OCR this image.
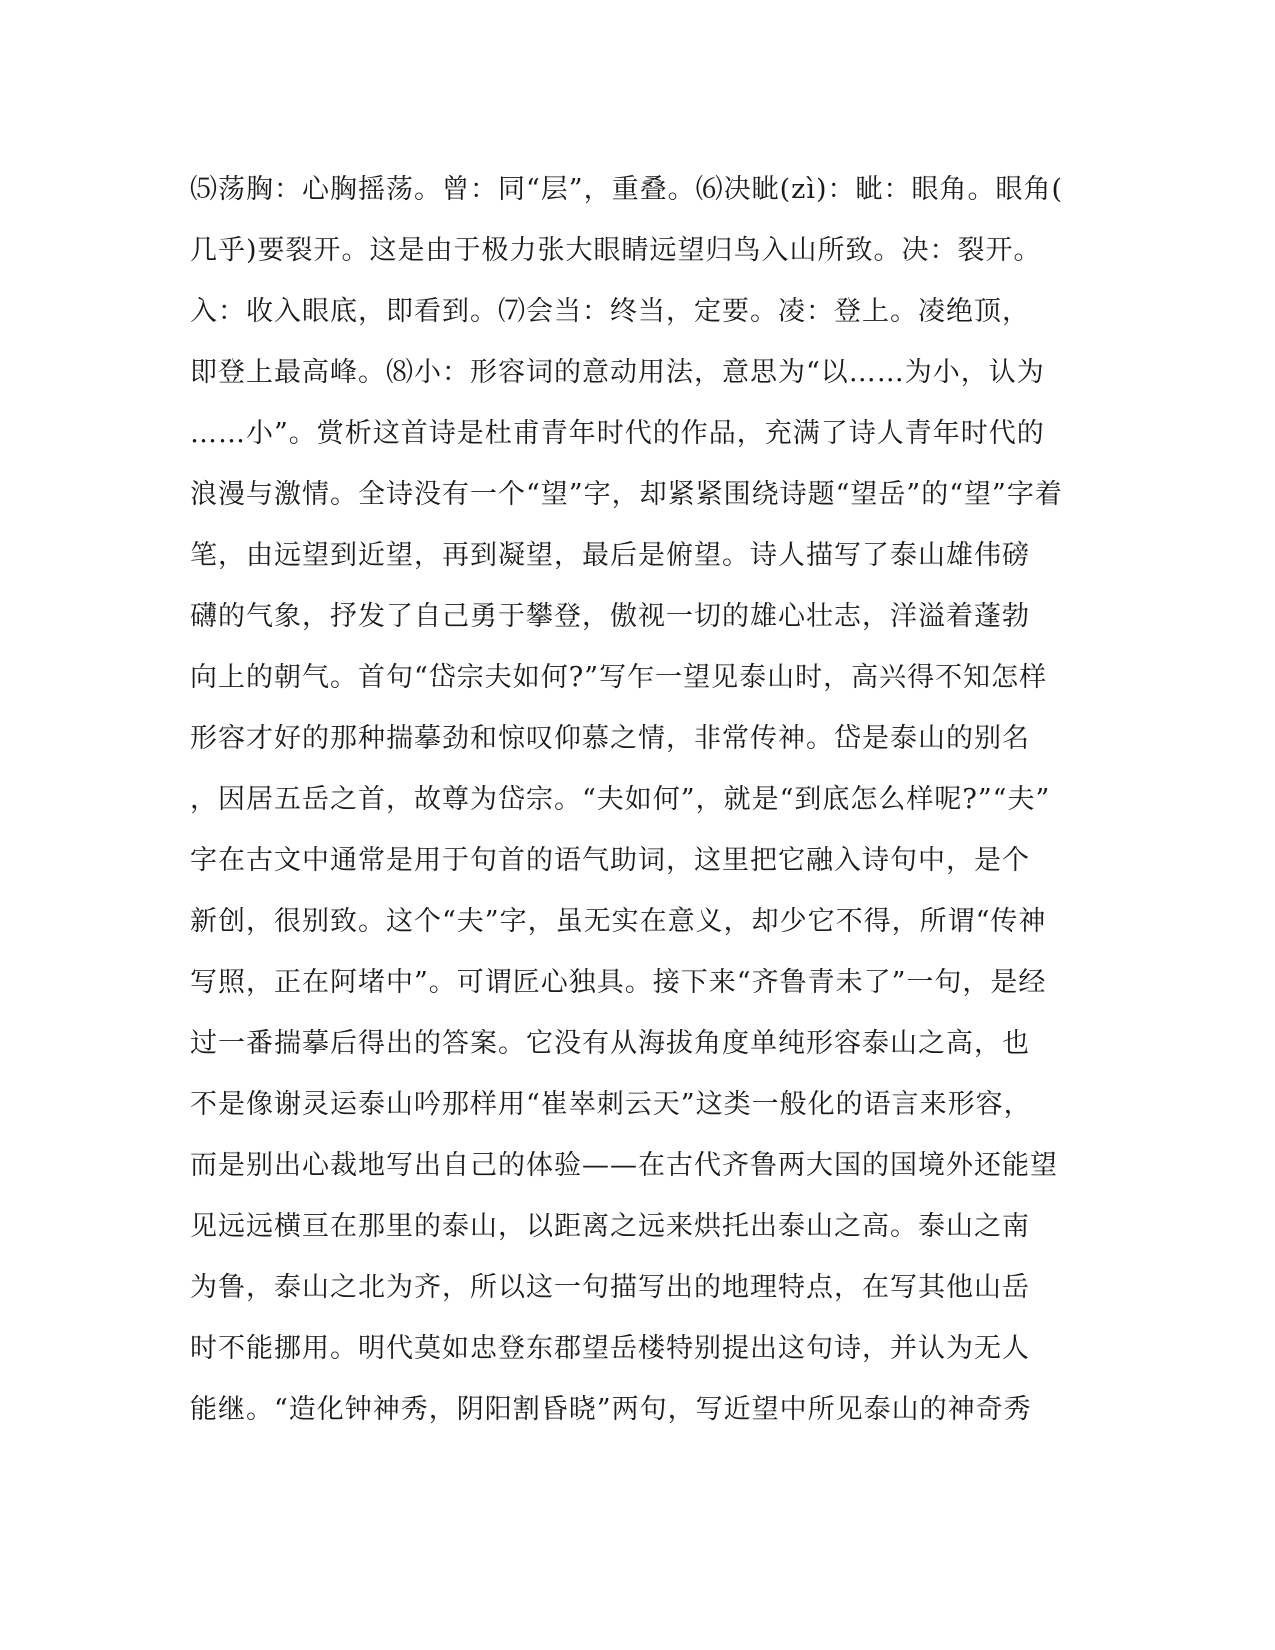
⑸荡胸：心胸摇荡。曾：同“层”，重叠。⑹决眦(zì)：眦：眼角。眼角(
几乎)要裂开。这是由于极力张大眼睛远望归鸟入山所致。决：裂开。
入：收入眼底，即看到。⑺会当：终当，定要。凌：登上。凌绝顶，
即登上最高峰。⑻小：形容词的意动用法，意思为“以……为小，认为
……小”。赏析这首诗是杜甫青年时代的作品，充满了诗人青年时代的
浪漫与激情。全诗没有一个“望”字，却紧紧围绕诗题“望岳”的“望”字着
笔，由远望到近望，再到凝望，最后是俯望。诗人描写了泰山雄伟磅
礴的气象，抒发了自己勇于攀登，傲视一切的雄心壮志，洋溢着蓬勃
向上的朝气。首句“岱宗夫如何?”写乍一望见泰山时，高兴得不知怎样
形容才好的那种揣摹劲和惊叹仰慕之情，非常传神。岱是泰山的别名
，因居五岳之首，故尊为岱宗。“夫如何”，就是“到底怎么样呢?”“夫”
字在古文中通常是用于句首的语气助词，这里把它融入诗句中，是个
新创，很别致。这个“夫”字，虽无实在意义，却少它不得，所谓“传神
写照，正在阿堵中”。可谓匠心独具。接下来“齐鲁青未了”一句，是经
过一番揣摹后得出的答案。它没有从海拔角度单纯形容泰山之高，也
不是像谢灵运泰山吟那样用“崔崒刺云天”这类一般化的语言来形容，
而是别出心裁地写出自己的体验——在古代齐鲁两大国的国境外还能望
见远远横亘在那里的泰山，以距离之远来烘托出泰山之高。泰山之南
为鲁，泰山之北为齐，所以这一句描写出的地理特点，在写其他山岳
时不能挪用。明代莫如忠登东郡望岳楼特别提出这句诗，并认为无人
能继。“造化钟神秀，阴阳割昏晓”两句，写近望中所见泰山的神奇秀
